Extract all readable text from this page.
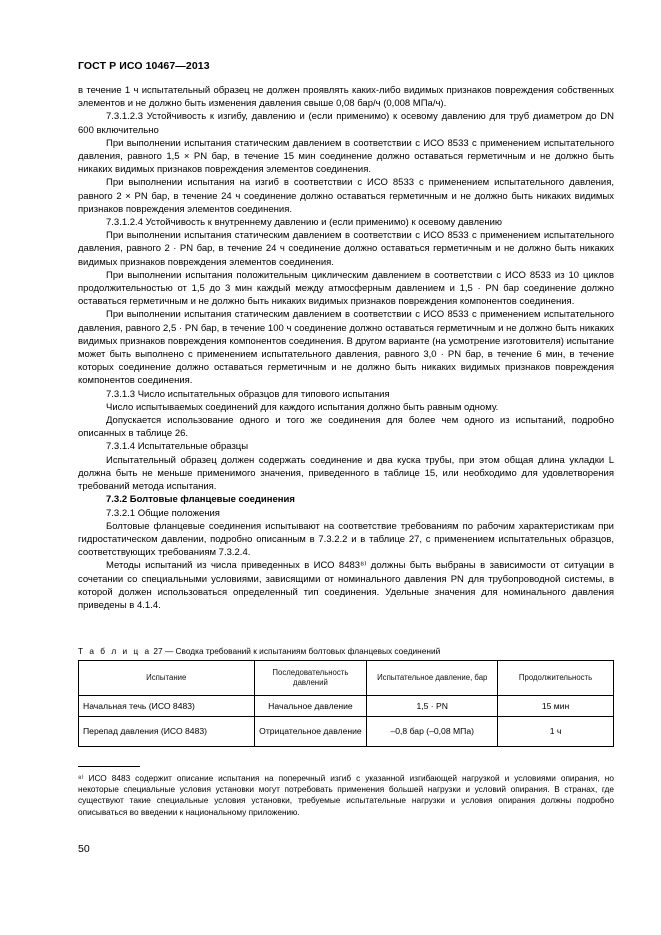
ГОСТ Р ИСО 10467—2013

в течение 1 ч испытательный образец не должен проявлять каких-либо видимых признаков повреждения собственных элементов и не должно быть изменения давления свыше 0,08 бар/ч (0,008 МПа/ч).

7.3.1.2.3 Устойчивость к изгибу, давлению и (если применимо) к осевому давлению для труб диаметром до DN 600 включительно

При выполнении испытания статическим давлением в соответствии с ИСО 8533 с применением испытательного давления, равного 1,5 × PN бар, в течение 15 мин соединение должно оставаться герметичным и не должно быть никаких видимых признаков повреждения элементов соединения.

При выполнении испытания на изгиб в соответствии с ИСО 8533 с применением испытательного давления, равного 2 × PN бар, в течение 24 ч соединение должно оставаться герметичным и не должно быть никаких видимых признаков повреждения элементов соединения.

7.3.1.2.4 Устойчивость к внутреннему давлению и (если применимо) к осевому давлению

При выполнении испытания статическим давлением в соответствии с ИСО 8533 с применением испытательного давления, равного 2 · PN бар, в течение 24 ч соединение должно оставаться герметичным и не должно быть никаких видимых признаков повреждения элементов соединения.

При выполнении испытания положительным циклическим давлением в соответствии с ИСО 8533 из 10 циклов продолжительностью от 1,5 до 3 мин каждый между атмосферным давлением и 1,5 · PN бар соединение должно оставаться герметичным и не должно быть никаких видимых признаков повреждения компонентов соединения.

При выполнении испытания статическим давлением в соответствии с ИСО 8533 с применением испытательного давления, равного 2,5 · PN бар, в течение 100 ч соединение должно оставаться герметичным и не должно быть никаких видимых признаков повреждения компонентов соединения. В другом варианте (на усмотрение изготовителя) испытание может быть выполнено с применением испытательного давления, равного 3,0 · PN бар, в течение 6 мин, в течение которых соединение должно оставаться герметичным и не должно быть никаких видимых признаков повреждения компонентов соединения.

7.3.1.3 Число испытательных образцов для типового испытания

Число испытываемых соединений для каждого испытания должно быть равным одному.

Допускается использование одного и того же соединения для более чем одного из испытаний, подробно описанных в таблице 26.

7.3.1.4 Испытательные образцы

Испытательный образец должен содержать соединение и два куска трубы, при этом общая длина укладки L должна быть не меньше применимого значения, приведенного в таблице 15, или необходимо для удовлетворения требований метода испытания.

7.3.2 Болтовые фланцевые соединения

7.3.2.1 Общие положения

Болтовые фланцевые соединения испытывают на соответствие требованиям по рабочим характеристикам при гидростатическом давлении, подробно описанным в 7.3.2.2 и в таблице 27, с применением испытательных образцов, соответствующих требованиям 7.3.2.4.

Методы испытаний из числа приведенных в ИСО 8483⁸⁾ должны быть выбраны в зависимости от ситуации в сочетании со специальными условиями, зависящими от номинального давления PN для трубопроводной системы, в которой должен использоваться определенный тип соединения. Удельные значения для номинального давления приведены в 4.1.4.

Т а б л и ц а 27 — Сводка требований к испытаниям болтовых фланцевых соединений
Испытание	Последовательность давлений	Испытательное давление, бар	Продолжительность
Начальная течь (ИСО 8483)	Начальное давление	1,5 · PN	15 мин
Перепад давления (ИСО 8483)	Отрицательное давление	–0,8 бар (–0,08 МПа)	1 ч

⁸⁾ ИСО 8483 содержит описание испытания на поперечный изгиб с указанной изгибающей нагрузкой и условиями опирания, но некоторые специальные условия установки могут потребовать применения большей нагрузки и условий опирания. В странах, где существуют такие специальные условия установки, требуемые испытательные нагрузки и условия опирания должны подробно описываться во введении к национальному приложению.

50
